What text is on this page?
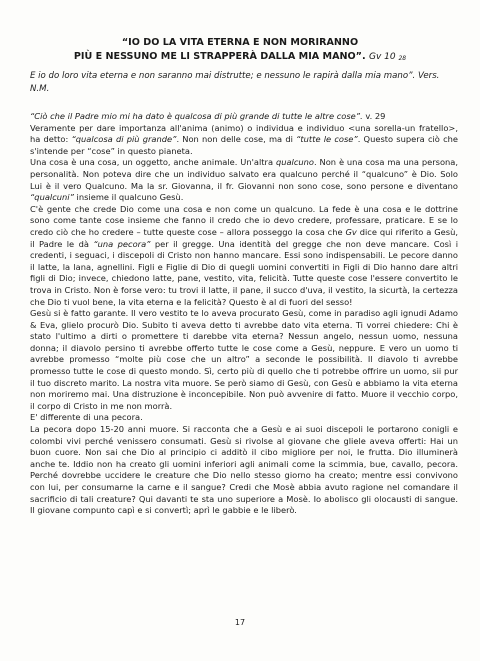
“IO DO LA VITA ETERNA E NON MORIRANNO
PIÙ E NESSUNO ME LI STRAPPERÀ DALLA MIA MANO”. Gv 10 $_{28}$
E io do loro vita eterna e non saranno mai distrutte; e nessuno le rapirà dalla mia mano”. Vers. N.M.

“Ciò che il Padre mio mi ha dato è qualcosa di più grande di tutte le altre cose”. v. 29
Veramente per dare importanza all'anima (animo) o individua e individuo <una sorella-un fratello>, ha detto: “qualcosa di più grande”. Non non delle cose, ma di “tutte le cose”. Questo supera ciò che s'intende per “cose” in questo pianeta.

Una cosa è una cosa, un oggetto, anche animale. Un'altra qualcuno. Non è una cosa ma una persona, personalità. Non poteva dire che un individuo salvato era qualcuno perché il “qualcuno” è Dio. Solo Lui è il vero Qualcuno. Ma la sr. Giovanna, il fr. Giovanni non sono cose, sono persone e diventano “qualcuni” insieme il qualcuno Gesù.

C'è gente che crede Dio come una cosa e non come un qualcuno. La fede è una cosa e le dottrine sono come tante cose insieme che fanno il credo che io devo credere, professare, praticare. E se lo credo ciò che ho credere – tutte queste cose – allora posseggo la cosa che Gv dice qui riferito a Gesù, il Padre le dà “una pecora” per il gregge. Una identità del gregge che non deve mancare. Così i credenti, i seguaci, i discepoli di Cristo non hanno mancare. Essi sono indispensabili. Le pecore danno il latte, la lana, agnellini. Figli e Figlie di Dio di quegli uomini convertiti in Figli di Dio hanno dare altri figli di Dio; invece, chiedono latte, pane, vestito, vita, felicità. Tutte queste cose l'essere convertito le trova in Cristo. Non è forse vero: tu trovi il latte, il pane, il succo d'uva, il vestito, la sicurtà, la certezza che Dio ti vuol bene, la vita eterna e la felicità? Questo è al di fuori del sesso!

Gesù si è fatto garante. Il vero vestito te lo aveva procurato Gesù, come in paradiso agli ignudi Adamo & Eva, glielo procurò Dio. Subito ti aveva detto ti avrebbe dato vita eterna. Ti vorrei chiedere: Chi è stato l'ultimo a dirti o promettere ti darebbe vita eterna? Nessun angelo, nessun uomo, nessuna donna; il diavolo persino ti avrebbe offerto tutte le cose come a Gesù, neppure. E vero un uomo ti avrebbe promesso “molte più cose che un altro” a seconde le possibilità. Il diavolo ti avrebbe promesso tutte le cose di questo mondo. Sì, certo più di quello che ti potrebbe offrire un uomo, sii pur il tuo discreto marito. La nostra vita muore. Se però siamo di Gesù, con Gesù e abbiamo la vita eterna non moriremo mai. Una distruzione è inconcepibile. Non può avvenire di fatto. Muore il vecchio corpo, il corpo di Cristo in me non morrà.

E' differente di una pecora.

La pecora dopo 15-20 anni muore. Si racconta che a Gesù e ai suoi discepoli le portarono conigli e colombi vivi perché venissero consumati. Gesù si rivolse al giovane che gliele aveva offerti: Hai un buon cuore. Non sai che Dio al principio ci additò il cibo migliore per noi, le frutta. Dio illuminerà anche te. Iddio non ha creato gli uomini inferiori agli animali come la scimmia, bue, cavallo, pecora. Perché dovrebbe uccidere le creature che Dio nello stesso giorno ha creato; mentre essi convivono con lui, per consumarne la carne e il sangue? Credi che Mosè abbia avuto ragione nel comandare il sacrificio di tali creature? Qui davanti te sta uno superiore a Mosè. Io abolisco gli olocausti di sangue. Il giovane compunto capì e si convertì; aprì le gabbie e le liberò.

17
